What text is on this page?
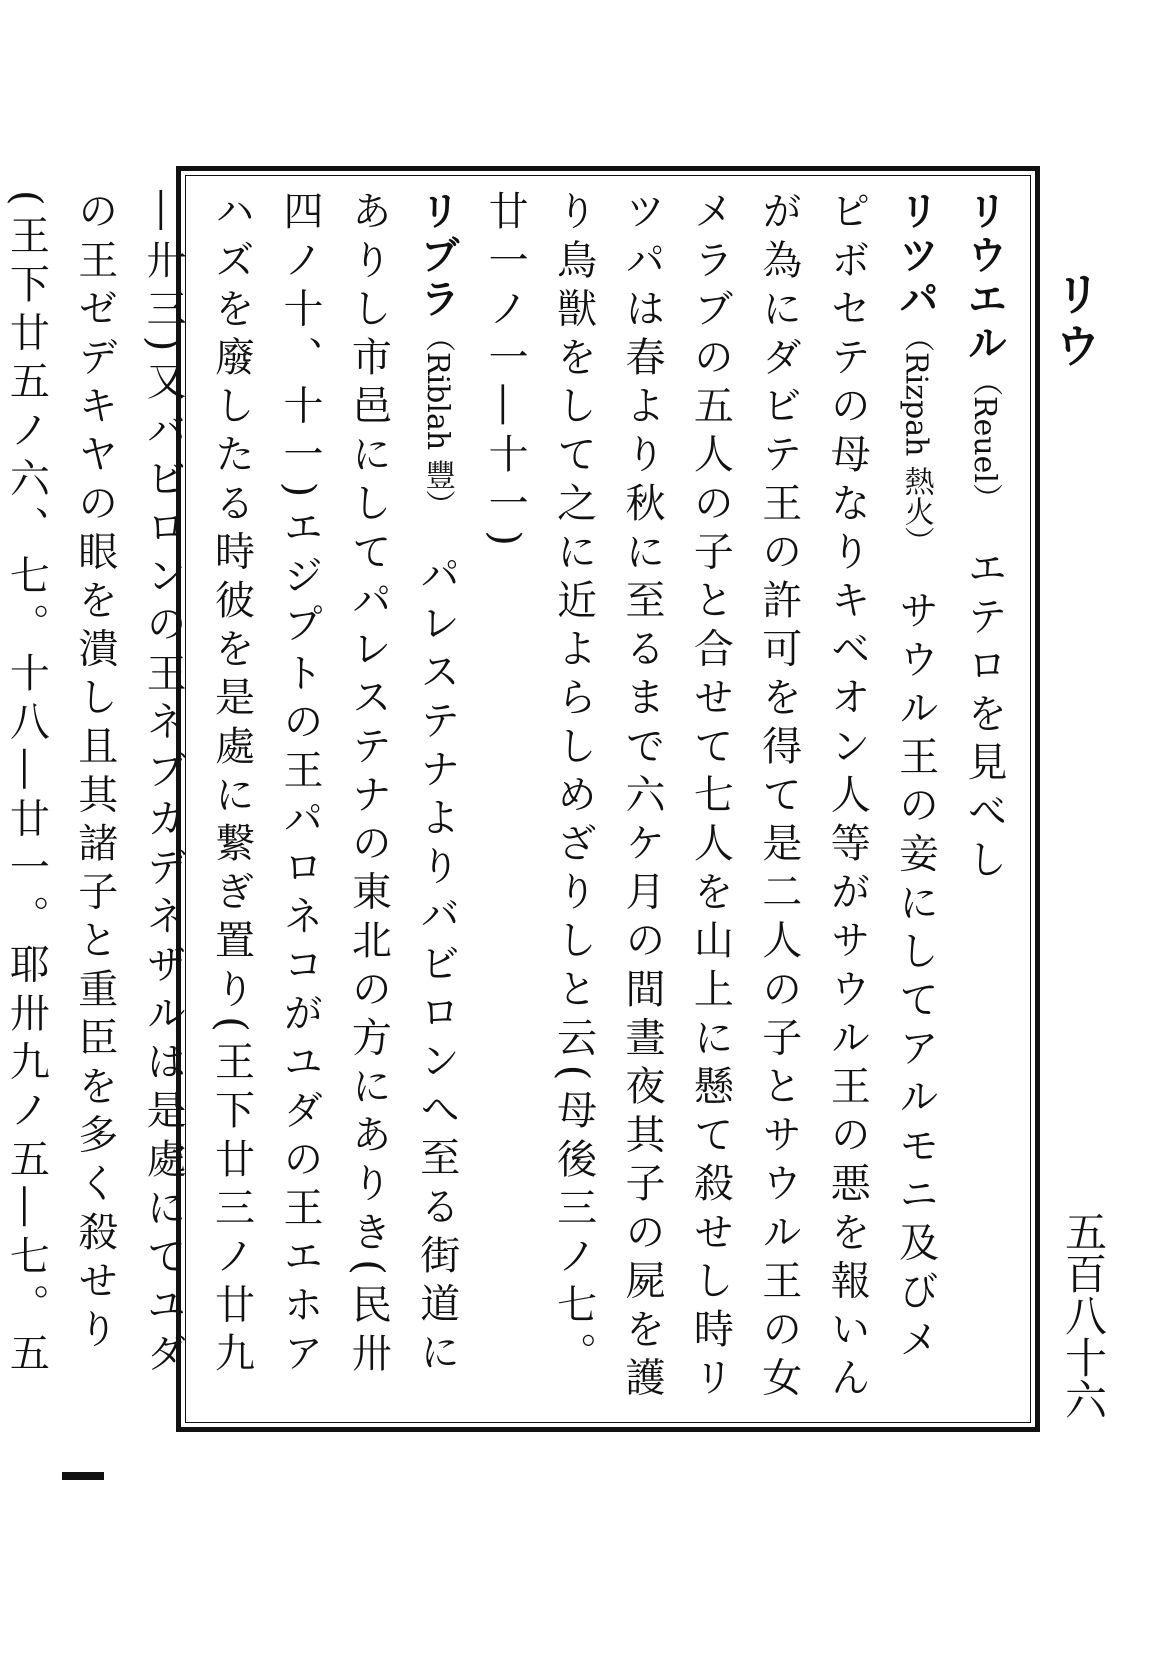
リウ
五百八十六

リウエル（Reuel）　エテロを見べし

リツパ（Rizpah 熱火）　サウル王の妾にしてアルモニ及びメピボセテの母なりキベオン人等がサウル王の悪を報いんが為にダビテ王の許可を得て是二人の子とサウル王の女メラブの五人の子と合せて七人を山上に懸て殺せし時リツパは春より秋に至るまで六ケ月の間晝夜其子の屍を護り鳥獣をして之に近よらしめざりしと云(母後三ノ七。廿一ノ一―十一)

リブラ（Riblah 豐）　パレステナよりバビロンへ至る街道にありし市邑にしてパレステナの東北の方にありき(民卅四ノ十、十一)エジプトの王パロネコがユダの王エホアハズを廢したる時彼を是處に繋ぎ置り(王下廿三ノ廿九―卅三)又バビロンの王ネブカデネザルは是處にてユダの王ゼデキヤの眼を潰し且其諸子と重臣を多く殺せり(王下廿五ノ六、七。十八―廿一。耶卅九ノ五―七。五
